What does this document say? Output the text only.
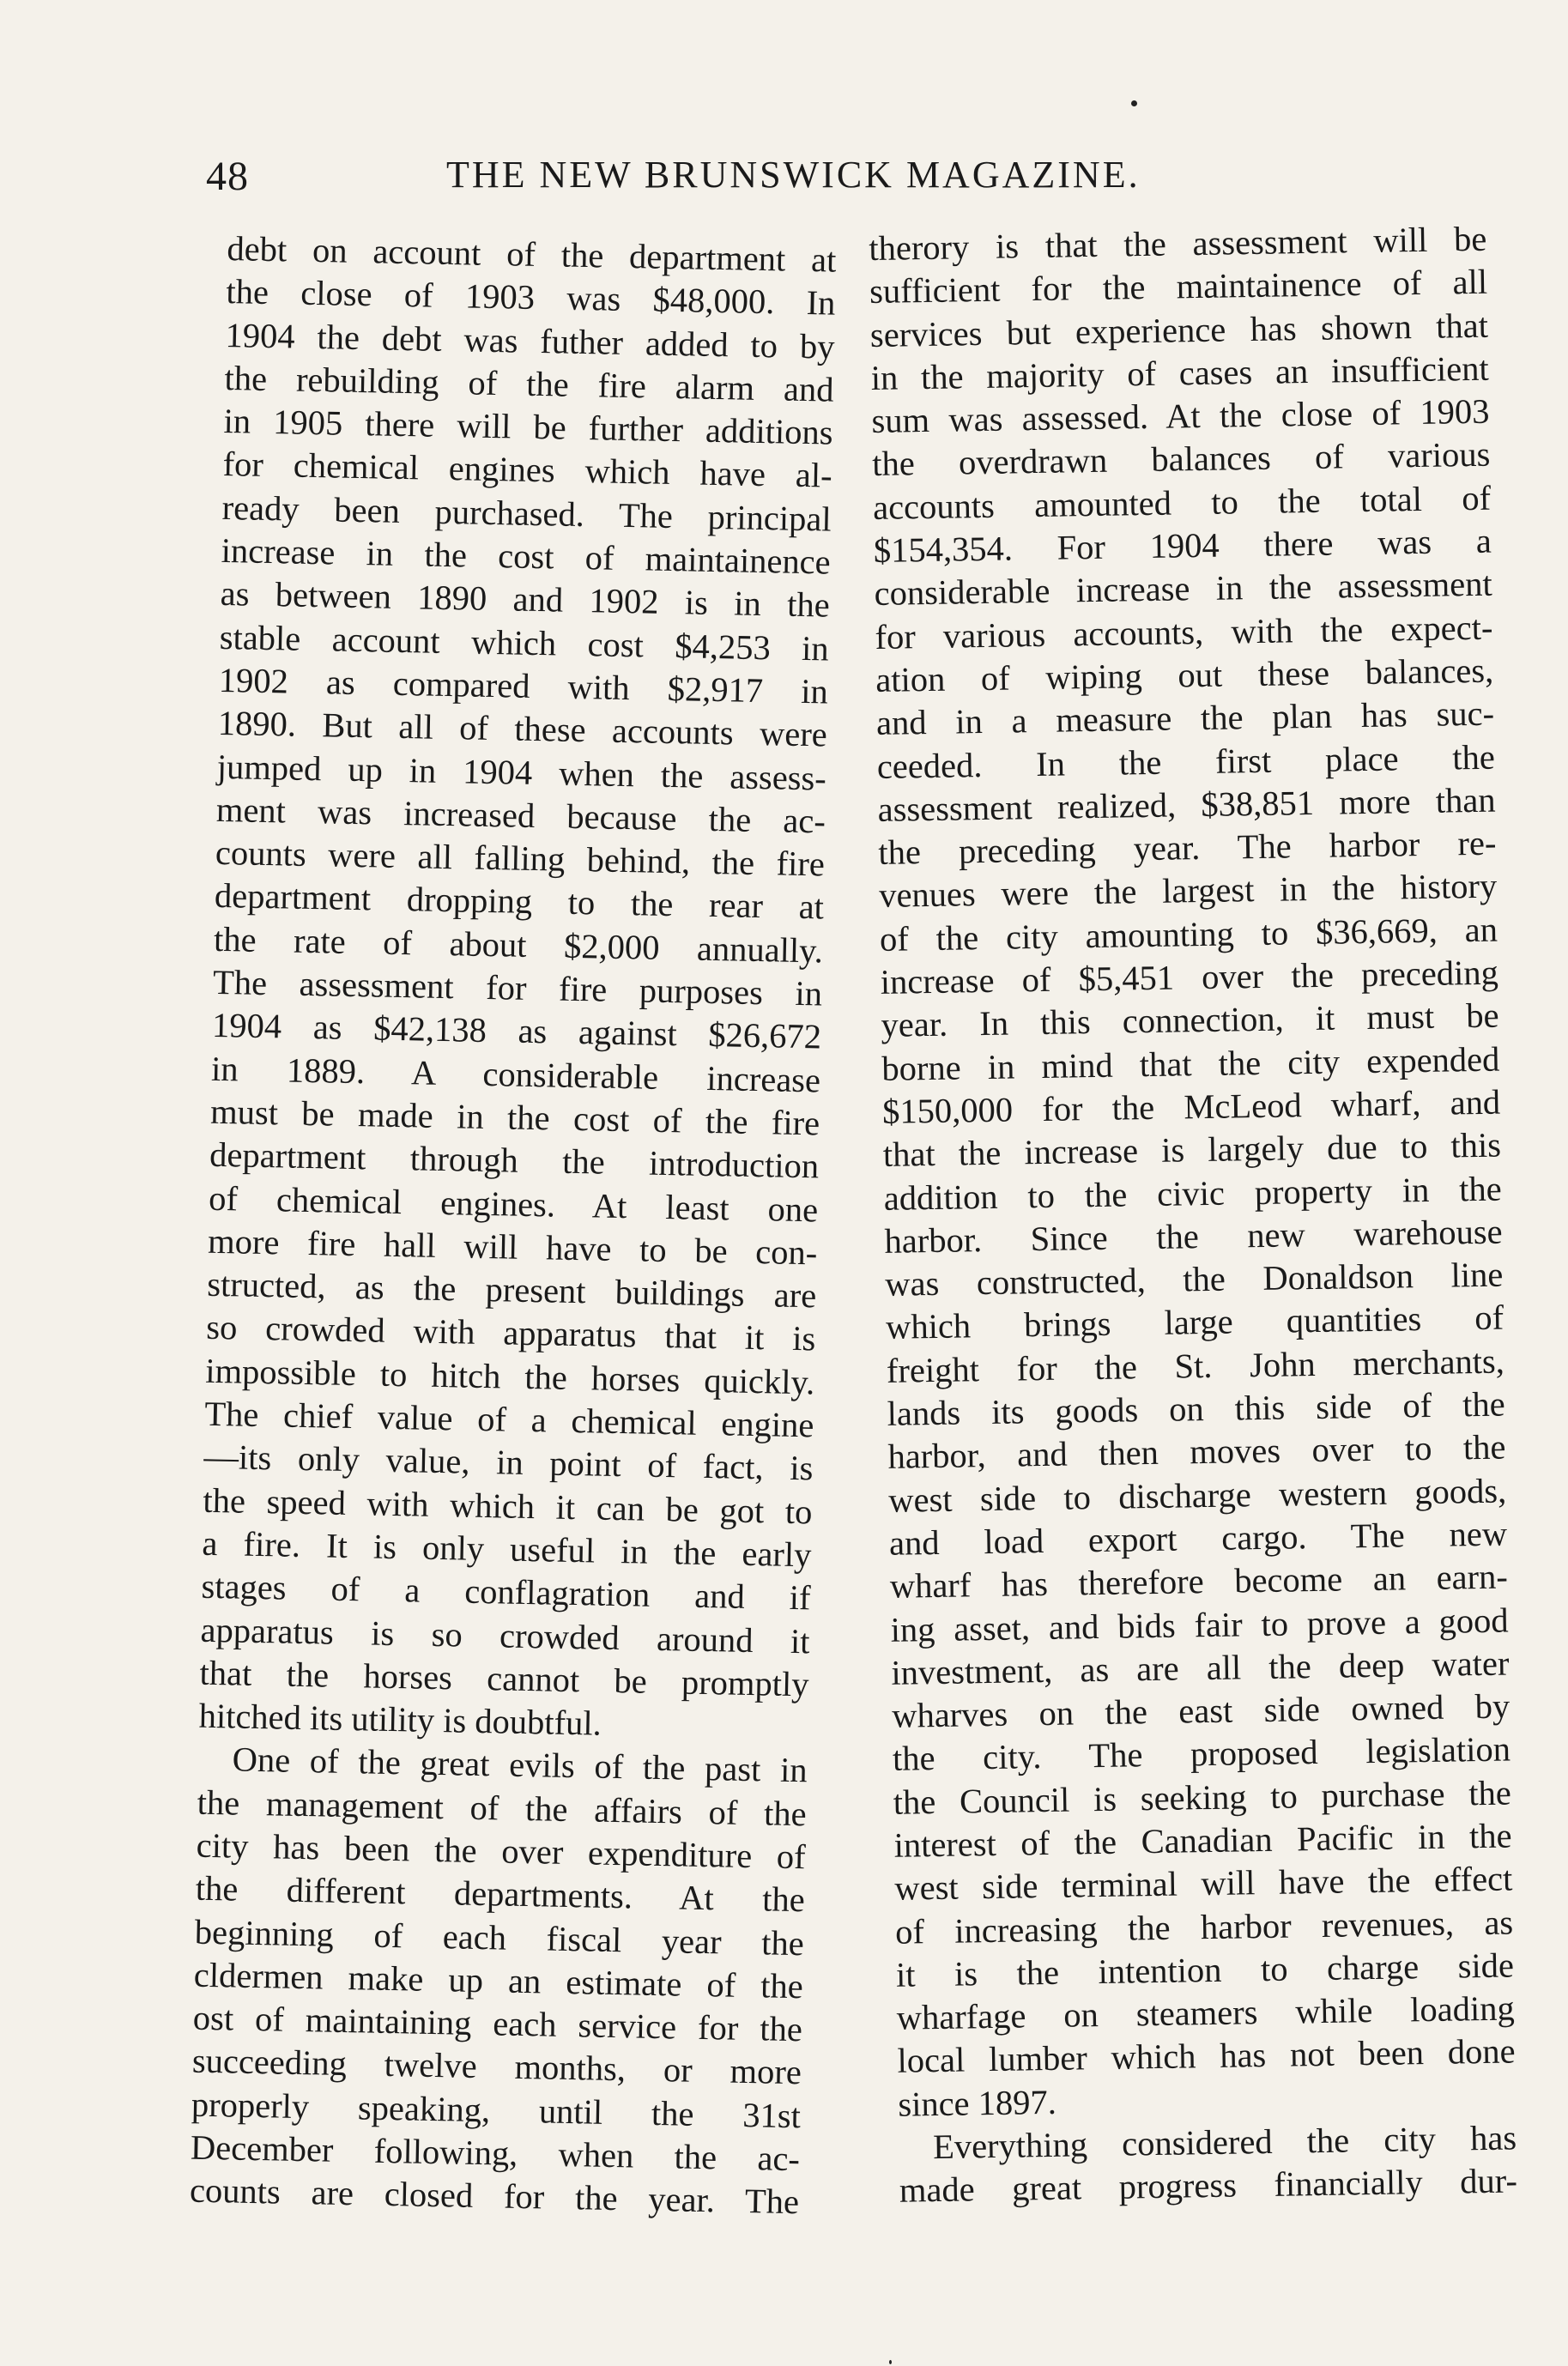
48	THE NEW BRUNSWICK MAGAZINE.
debt on account of the department at
the close of 1903 was $48,000. In
1904 the debt was futher added to by
the rebuilding of the fire alarm and
in 1905 there will be further additions
for chemical engines which have al-
ready been purchased. The principal
increase in the cost of maintainence
as between 1890 and 1902 is in the
stable account which cost $4,253 in
1902 as compared with $2,917 in
1890. But all of these accounts were
jumped up in 1904 when the assess-
ment was increased because the ac-
counts were all falling behind, the fire
department dropping to the rear at
the rate of about $2,000 annually.
The assessment for fire purposes in
1904 as $42,138 as against $26,672
in 1889. A considerable increase
must be made in the cost of the fire
department through the introduction
of chemical engines. At least one
more fire hall will have to be con-
structed, as the present buildings are
so crowded with apparatus that it is
impossible to hitch the horses quickly.
The chief value of a chemical engine
—its only value, in point of fact, is
the speed with which it can be got to
a fire. It is only useful in the early
stages of a conflagration and if
apparatus is so crowded around it
that the horses cannot be promptly
hitched its utility is doubtful.
One of the great evils of the past in
the management of the affairs of the
city has been the over expenditure of
the different departments. At the
beginning of each fiscal year the
cldermen make up an estimate of the
ost of maintaining each service for the
succeeding twelve months, or more
properly speaking, until the 31st
December following, when the ac-
counts are closed for the year. The
therory is that the assessment will be
sufficient for the maintainence of all
services but experience has shown that
in the majority of cases an insufficient
sum was assessed. At the close of 1903
the overdrawn balances of various
accounts amounted to the total of
$154,354. For 1904 there was a
considerable increase in the assessment
for various accounts, with the expect-
ation of wiping out these balances,
and in a measure the plan has suc-
ceeded. In the first place the
assessment realized, $38,851 more than
the preceding year. The harbor re-
venues were the largest in the history
of the city amounting to $36,669, an
increase of $5,451 over the preceding
year. In this connection, it must be
borne in mind that the city expended
$150,000 for the McLeod wharf, and
that the increase is largely due to this
addition to the civic property in the
harbor. Since the new warehouse
was constructed, the Donaldson line
which brings large quantities of
freight for the St. John merchants,
lands its goods on this side of the
harbor, and then moves over to the
west side to discharge western goods,
and load export cargo. The new
wharf has therefore become an earn-
ing asset, and bids fair to prove a good
investment, as are all the deep water
wharves on the east side owned by
the city. The proposed legislation
the Council is seeking to purchase the
interest of the Canadian Pacific in the
west side terminal will have the effect
of increasing the harbor revenues, as
it is the intention to charge side
wharfage on steamers while loading
local lumber which has not been done
since 1897.
Everything considered the city has
made great progress financially dur-
